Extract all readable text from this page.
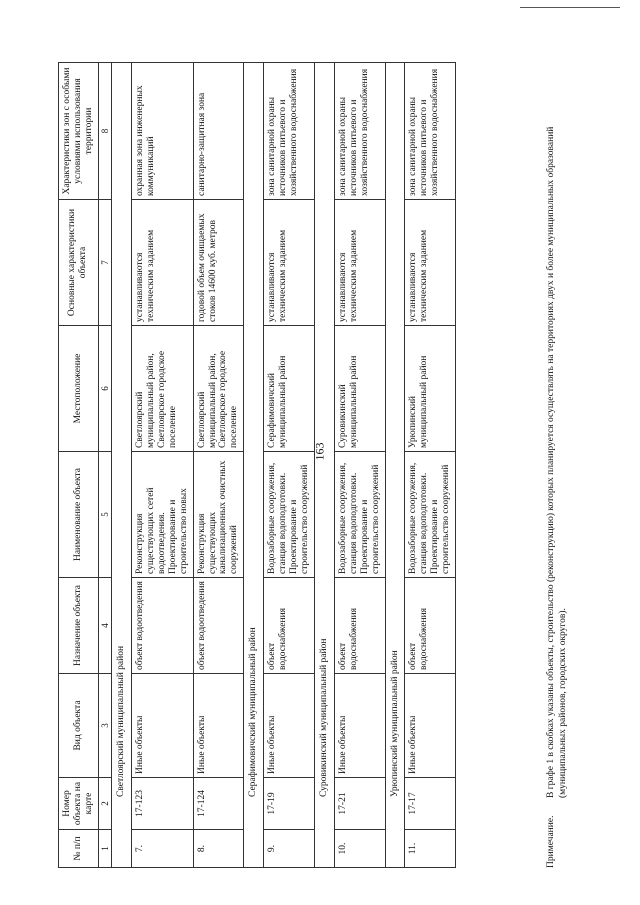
163
№ п/п	Номер объекта на карте	Вид объекта	Назначение объекта	Наименование объекта	Местоположение	Основные характеристики объекта	Характеристики зон с особыми условиями использования территории
1	2	3	4	5	6	7	8
Светлоярский муниципальный район							
7.	17-123	Иные объекты	объект водоотведения	Реконструкция существующих сетей водоотведения. Проектирование и строительство новых	Светлоярский муниципальный район, Светлоярское городское поселение	устанавливаются техническим заданием	охранная зона инженерных коммуникаций
8.	17-124	Иные объекты	объект водоотведения	Реконструкция существующих канализационных очистных сооружений	Светлоярский муниципальный район, Светлоярское городское поселение	годовой объем очищаемых стоков 14600 куб. метров	санитарно-защитная зона
Серафимовичский муниципальный район							
9.	17-19	Иные объекты	объект водоснабжения	Водозаборные сооружения, станция водоподготовки. Проектирование и строительство сооружений	Серафимовичский муниципальный район	устанавливаются техническим заданием	зона санитарной охраны источников питьевого и хозяйственного водоснабжения
Суровикинский муниципальный район							
10.	17-21	Иные объекты	объект водоснабжения	Водозаборные сооружения, станция водоподготовки. Проектирование и строительство сооружений	Суровикинский муниципальный район	устанавливаются техническим заданием	зона санитарной охраны источников питьевого и хозяйственного водоснабжения
Урюпинский муниципальный район							
11.	17-17	Иные объекты	объект водоснабжения	Водозаборные сооружения, станция водоподготовки. Проектирование и строительство сооружений	Урюпинский муниципальный район	устанавливаются техническим заданием	зона санитарной охраны источников питьевого и хозяйственного водоснабжения
Примечание.
В графе 1 в скобках указаны объекты, строительство (реконструкцию) которых планируется осуществлять на территориях двух и более муниципальных образований (муниципальных районов, городских округов).
